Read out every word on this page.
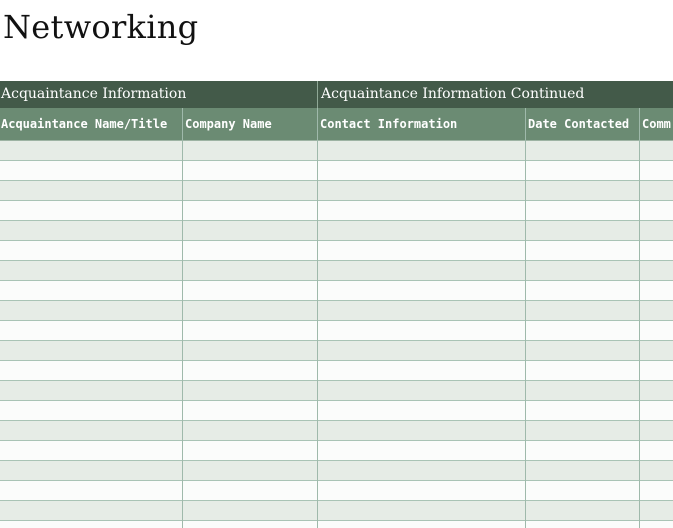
Networking
Acquaintance Information	Acquaintance Information Continued
Acquaintance Name/Title	Company Name	Contact Information	Date Contacted	Comm
